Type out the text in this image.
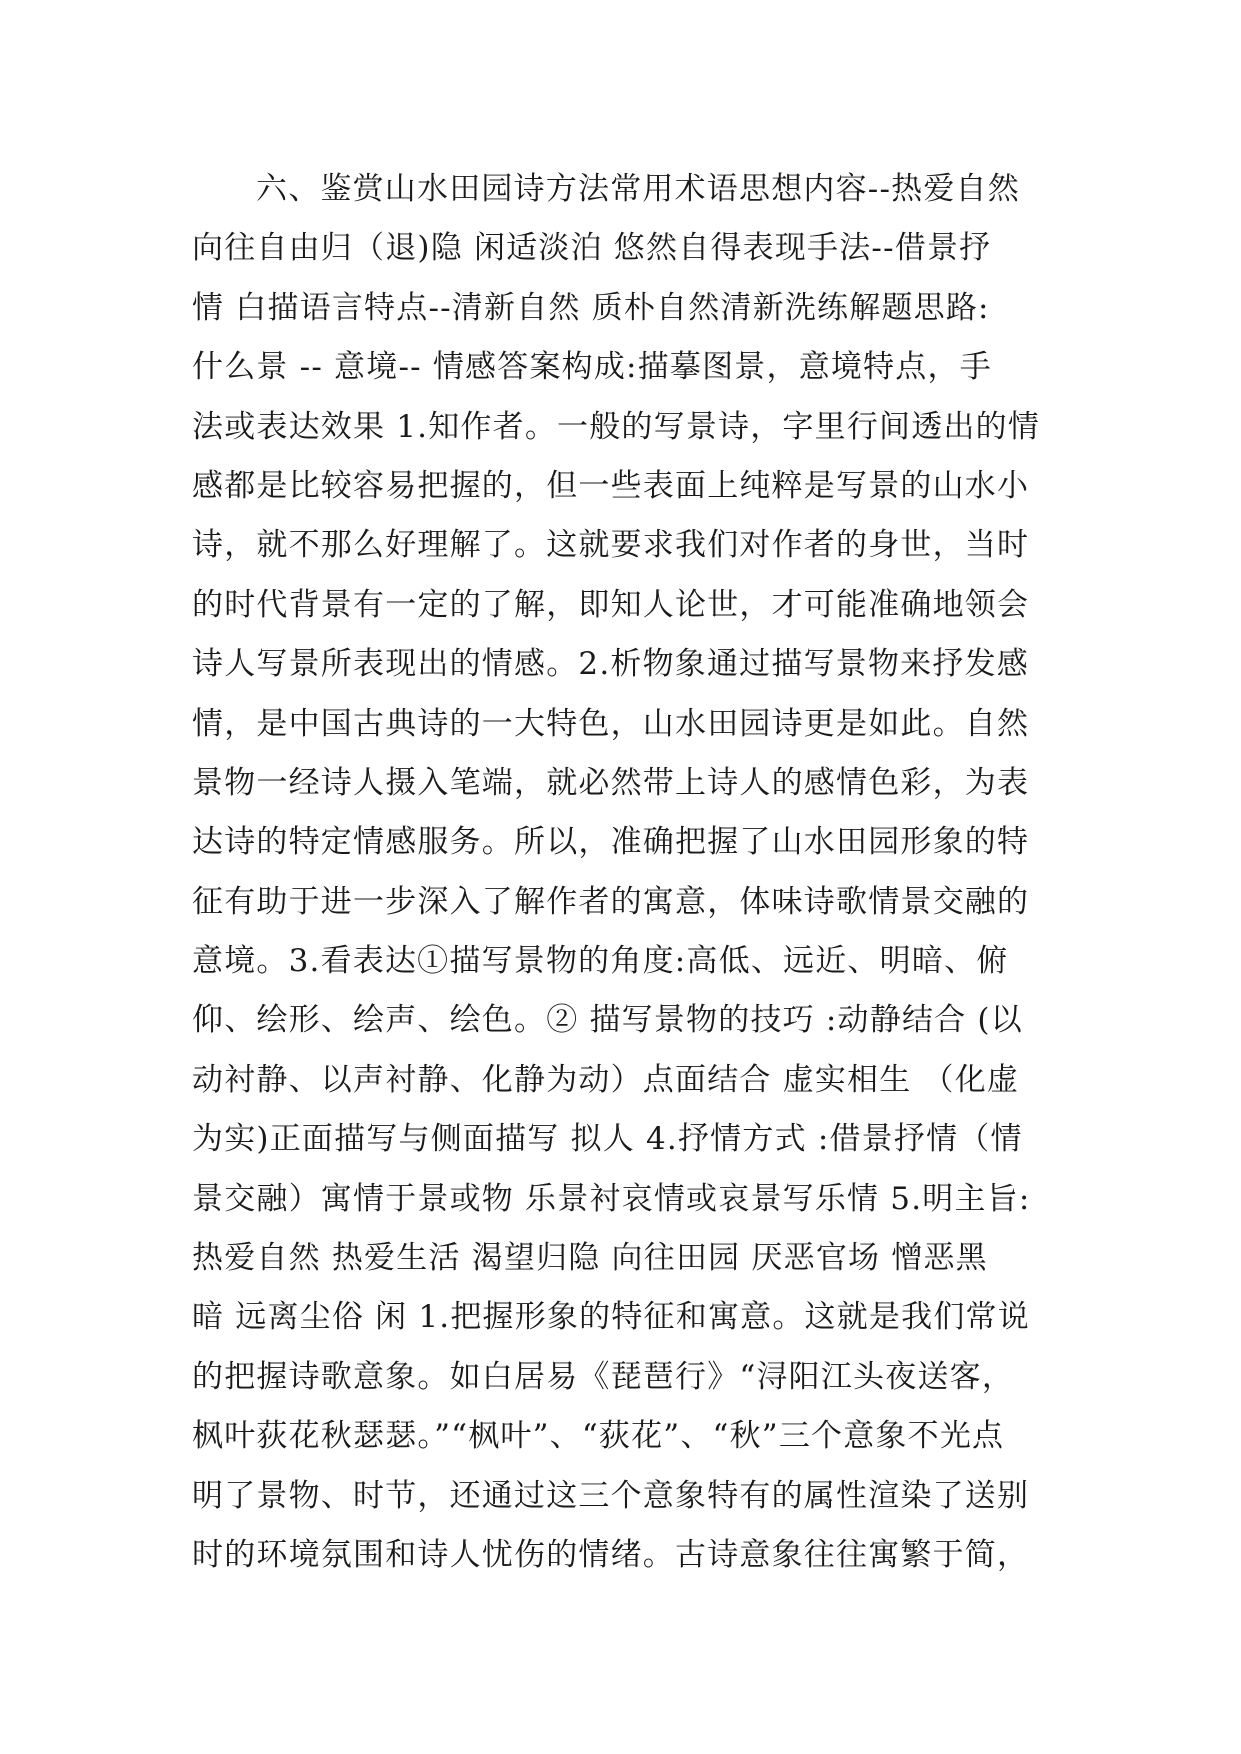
六、鉴赏山水田园诗方法常用术语思想内容--热爱自然
向往自由归（退)隐 闲适淡泊 悠然自得表现手法--借景抒
情 白描语言特点--清新自然 质朴自然清新洗练解题思路:
什么景 -- 意境-- 情感答案构成:描摹图景，意境特点，手
法或表达效果 1.知作者。一般的写景诗，字里行间透出的情
感都是比较容易把握的，但一些表面上纯粹是写景的山水小
诗，就不那么好理解了。这就要求我们对作者的身世，当时
的时代背景有一定的了解，即知人论世，才可能准确地领会
诗人写景所表现出的情感。2.析物象通过描写景物来抒发感
情，是中国古典诗的一大特色，山水田园诗更是如此。自然
景物一经诗人摄入笔端，就必然带上诗人的感情色彩，为表
达诗的特定情感服务。所以，准确把握了山水田园形象的特
征有助于进一步深入了解作者的寓意，体味诗歌情景交融的
意境。3.看表达①描写景物的角度:高低、远近、明暗、俯
仰、绘形、绘声、绘色。② 描写景物的技巧 :动静结合 (以
动衬静、以声衬静、化静为动）点面结合 虚实相生 （化虚
为实)正面描写与侧面描写 拟人 4.抒情方式 :借景抒情（情
景交融）寓情于景或物 乐景衬哀情或哀景写乐情 5.明主旨:
热爱自然 热爱生活 渴望归隐 向往田园 厌恶官场 憎恶黑
暗 远离尘俗 闲 1.把握形象的特征和寓意。这就是我们常说
的把握诗歌意象。如白居易《琵琶行》“浔阳江头夜送客，
枫叶荻花秋瑟瑟。”“枫叶”、“荻花”、“秋”三个意象不光点
明了景物、时节，还通过这三个意象特有的属性渲染了送别
时的环境氛围和诗人忧伤的情绪。古诗意象往往寓繁于简，
